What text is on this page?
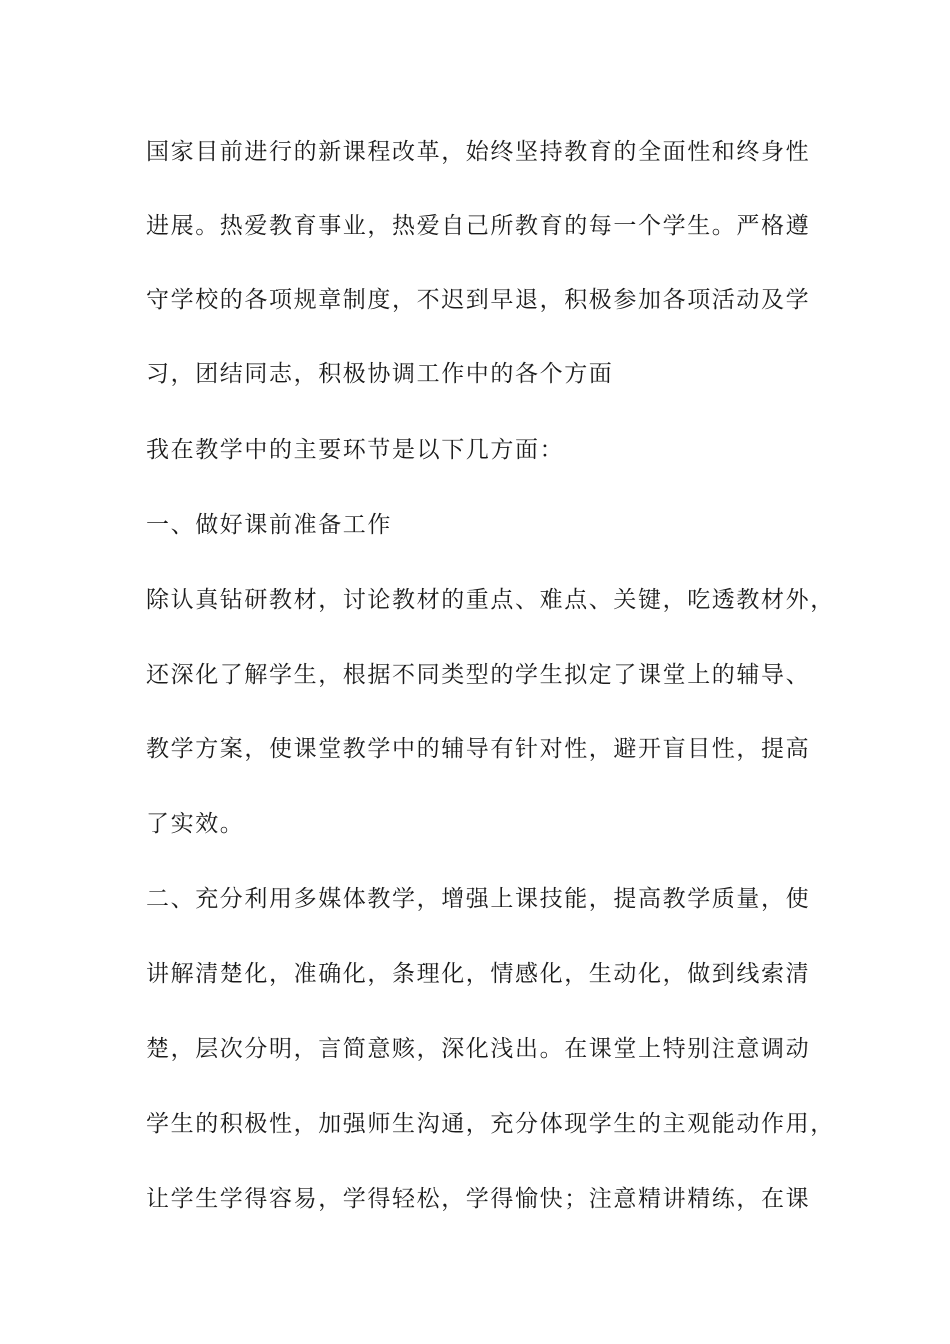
国家目前进行的新课程改革，始终坚持教育的全面性和终身性
进展。热爱教育事业，热爱自己所教育的每一个学生。严格遵
守学校的各项规章制度，不迟到早退，积极参加各项活动及学
习，团结同志，积极协调工作中的各个方面
我在教学中的主要环节是以下几方面：
一、做好课前准备工作
除认真钻研教材，讨论教材的重点、难点、关键，吃透教材外，
还深化了解学生，根据不同类型的学生拟定了课堂上的辅导、
教学方案，使课堂教学中的辅导有针对性，避开盲目性，提高
了实效。
二、充分利用多媒体教学，增强上课技能，提高教学质量，使
讲解清楚化，准确化，条理化，情感化，生动化，做到线索清
楚，层次分明，言简意赅，深化浅出。在课堂上特别注意调动
学生的积极性，加强师生沟通，充分体现学生的主观能动作用，
让学生学得容易，学得轻松，学得愉快；注意精讲精练，在课
